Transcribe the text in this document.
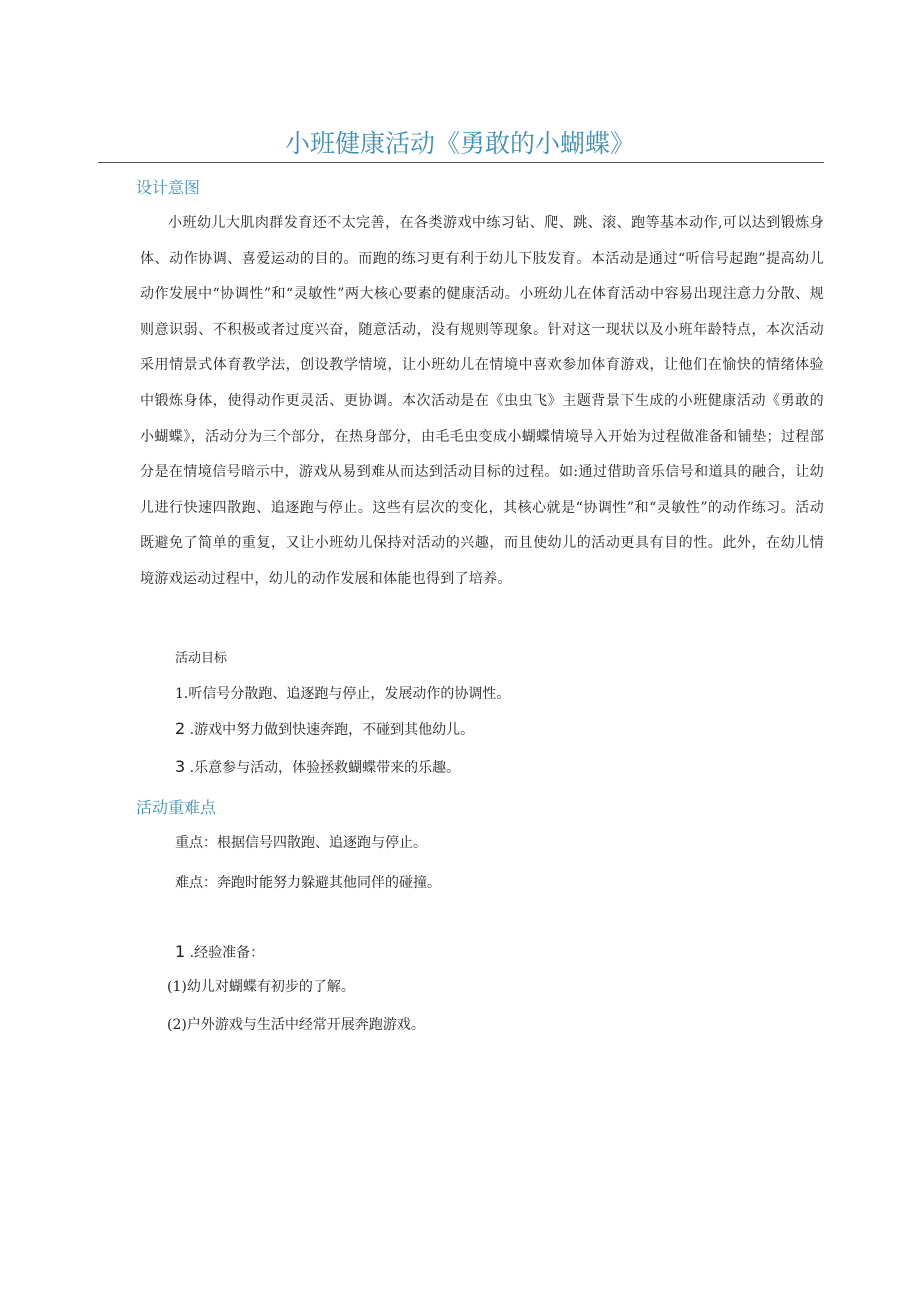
小班健康活动《勇敢的小蝴蝶》
设计意图

小班幼儿大肌肉群发育还不太完善，在各类游戏中练习钻、爬、跳、滚、跑等基本动作,可以达到锻炼身体、动作协调、喜爱运动的目的。而跑的练习更有利于幼儿下肢发育。本活动是通过“听信号起跑”提高幼儿动作发展中“协调性”和“灵敏性”两大核心要素的健康活动。小班幼儿在体育活动中容易出现注意力分散、规则意识弱、不积极或者过度兴奋，随意活动，没有规则等现象。针对这一现状以及小班年龄特点，本次活动采用情景式体育教学法，创设教学情境，让小班幼儿在情境中喜欢参加体育游戏，让他们在愉快的情绪体验中锻炼身体，使得动作更灵活、更协调。本次活动是在《虫虫飞》主题背景下生成的小班健康活动《勇敢的小蝴蝶》，活动分为三个部分，在热身部分，由毛毛虫变成小蝴蝶情境导入开始为过程做准备和铺垫；过程部分是在情境信号暗示中，游戏从易到难从而达到活动目标的过程。如:通过借助音乐信号和道具的融合，让幼儿进行快速四散跑、追逐跑与停止。这些有层次的变化，其核心就是“协调性”和“灵敏性”的动作练习。活动既避免了简单的重复，又让小班幼儿保持对活动的兴趣，而且使幼儿的活动更具有目的性。此外，在幼儿情境游戏运动过程中，幼儿的动作发展和体能也得到了培养。

活动目标

1.听信号分散跑、追逐跑与停止，发展动作的协调性。

2 .游戏中努力做到快速奔跑，不碰到其他幼儿。

3 .乐意参与活动，体验拯救蝴蝶带来的乐趣。

活动重难点

重点：根据信号四散跑、追逐跑与停止。

难点：奔跑时能努力躲避其他同伴的碰撞。

1 .经验准备：

(1)幼儿对蝴蝶有初步的了解。

(2)户外游戏与生活中经常开展奔跑游戏。
